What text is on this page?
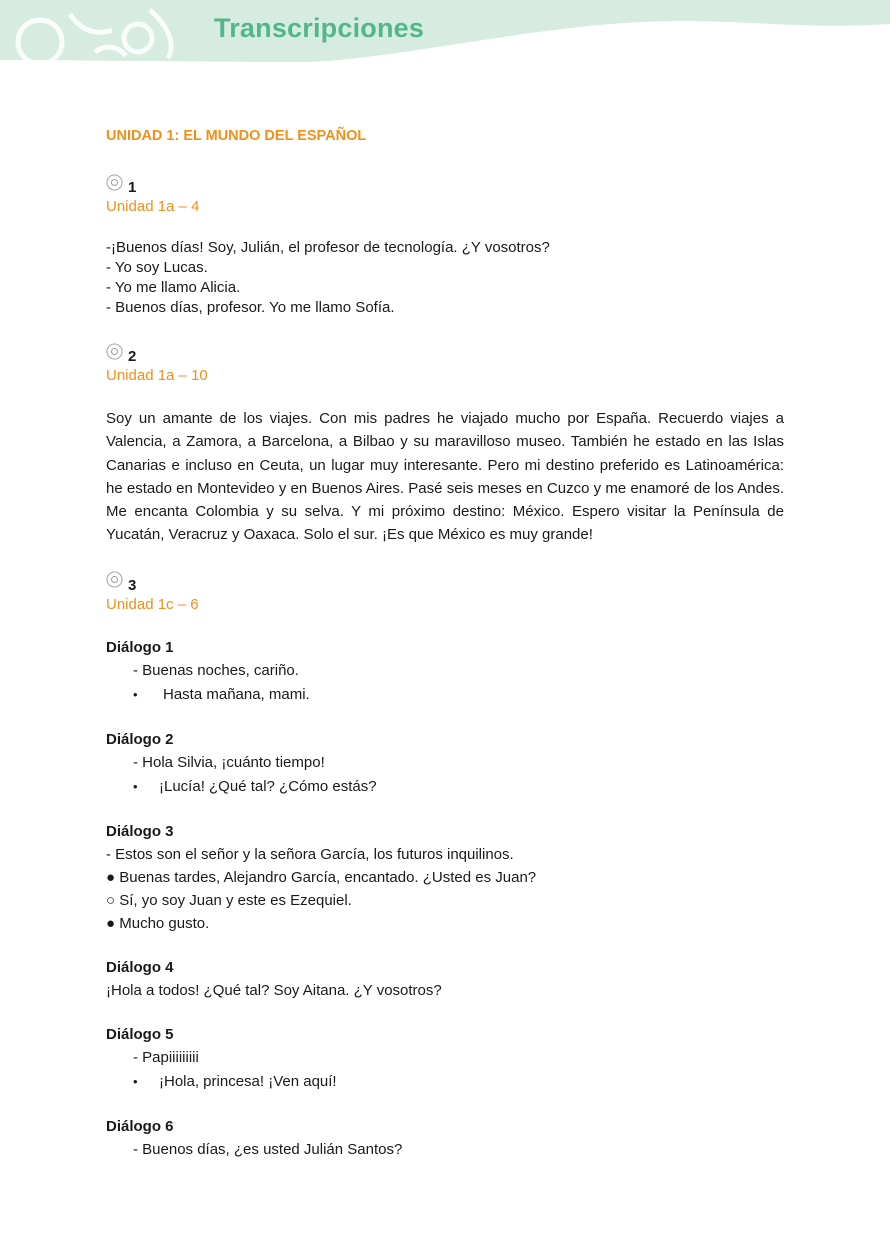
Transcripciones
UNIDAD 1: EL MUNDO DEL ESPAÑOL
1
Unidad 1a – 4

-¡Buenos días! Soy, Julián, el profesor de tecnología. ¿Y vosotros?

- Yo soy Lucas.

- Yo me llamo Alicia.

- Buenos días, profesor. Yo me llamo Sofía.

2
Unidad 1a – 10

Soy un amante de los viajes. Con mis padres he viajado mucho por España. Recuerdo viajes a Valencia, a Zamora, a Barcelona, a Bilbao y su maravilloso museo. También he estado en las Islas Canarias e incluso en Ceuta, un lugar muy interesante. Pero mi destino preferido es Latinoamérica: he estado en Montevideo y en Buenos Aires. Pasé seis meses en Cuzco y me enamoré de los Andes. Me encanta Colombia y su selva. Y mi próximo destino: México. Espero visitar la Península de Yucatán, Veracruz y Oaxaca. Solo el sur. ¡Es que México es muy grande!

3
Unidad 1c – 6

Diálogo 1

- Buenas noches, cariño.
• Hasta mañana, mami.

Diálogo 2

- Hola Silvia, ¡cuánto tiempo!
• ¡Lucía! ¿Qué tal? ¿Cómo estás?

Diálogo 3

- Estos son el señor y la señora García, los futuros inquilinos.
● Buenas tardes, Alejandro García, encantado. ¿Usted es Juan?
○ Sí, yo soy Juan y este es Ezequiel.
● Mucho gusto.

Diálogo 4

¡Hola a todos! ¿Qué tal? Soy Aitana. ¿Y vosotros?

Diálogo 5

- Papiiiiiiiii
• ¡Hola, princesa! ¡Ven aquí!

Diálogo 6

- Buenos días, ¿es usted Julián Santos?
